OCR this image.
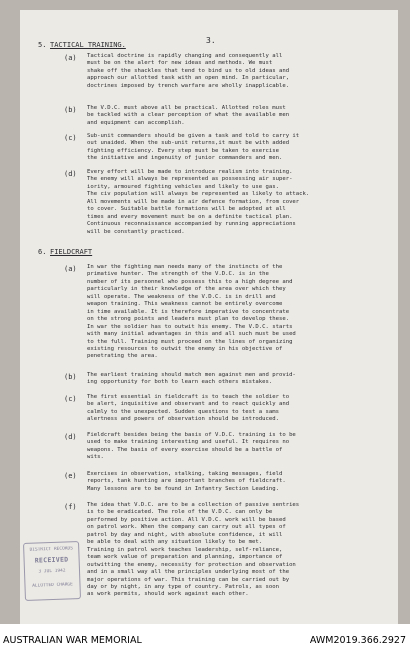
3.
5. TACTICAL TRAINING.
(a) Tactical doctrine is rapidly changing and consequently all
must be on the alert for new ideas and methods. We must
shake off the shackles that tend to bind us to old ideas and
approach our allotted task with an open mind. In particular,
doctrines imposed by trench warfare are wholly inapplicable.
(b) The V.D.C. must above all be practical. Allotted roles must
be tackled with a clear perception of what the available men
and equipment can accomplish.
(c) Sub-unit commanders should be given a task and told to carry it
out unaided. When the sub-unit returns,it must be with added
fighting efficiency. Every step must be taken to exercise
the initiative and ingenuity of junior commanders and men.
(d) Every effort will be made to introduce realism into training.
The enemy will always be represented as possessing air super-
iority, armoured fighting vehicles and likely to use gas.
The civ population will always be represented as likely to attack.
All movements will be made in air defence formation, from cover
to cover. Suitable battle formations will be adopted at all
times and every movement must be on a definite tactical plan.
Continuous reconnaissance accompanied by running appreciations
will be constantly practiced.
6. FIELDCRAFT
(a) In war the fighting man needs many of the instincts of the
primative hunter. The strength of the V.D.C. is in the
number of its personnel who possess this to a high degree and
particularly in their knowledge of the area over which they
will operate. The weakness of the V.D.C. is in drill and
weapon training. This weakness cannot be entirely overcome
in time available. It is therefore imperative to concentrate
on the strong points and leaders must plan to develop these.
In war the soldier has to outwit his enemy. The V.D.C. starts
with many initial advantages in this and all such must be used
to the full. Training must proceed on the lines of organizing
existing resources to outwit the enemy in his objective of
penetrating the area.
(b) The earliest training should match men against men and provid-
ing opportunity for both to learn each others mistakes.
(c) The first essential in fieldcraft is to teach the soldier to
be alert, inquisitive and observant and to react quickly and
calmly to the unexpected. Sudden questions to test a sams
alertness and powers of observation should be introduced.
(d) Fieldcraft besides being the basis of V.D.C. training is to be
used to make training interesting and useful. It requires no
weapons. The basis of every exercise should be a battle of
wits.
(e) Exercises in observation, stalking, taking messages, field
reports, tank hunting are important branches of fieldcraft.
Many lessons are to be found in Infantry Section Leading.
(f) The idea that V.D.C. are to be a collection of passive sentries
is to be eradicated. The role of the V.D.C. can only be
performed by positive action. All V.D.C. work will be based
on patrol work. When the company can carry out all types of
patrol by day and night, with absolute confidence, it will
be able to deal with any situation likely to be met.
Training in patrol work teaches leadership, self-reliance,
team work value of preparation and planning, importance of
outwitting the enemy, necessity for protection and observation
and in a small way all the principles underlying most of the
major operations of war. This training can be carried out by
day or by night, in any type of country. Patrols, as soon
as work permits, should work against each other.
DISTRICT RECORDS
RECEIVED
3 JUL 1942
ALLOTTED CHARGE
AUSTRALIAN WAR MEMORIAL	AWM2019.366.2927
